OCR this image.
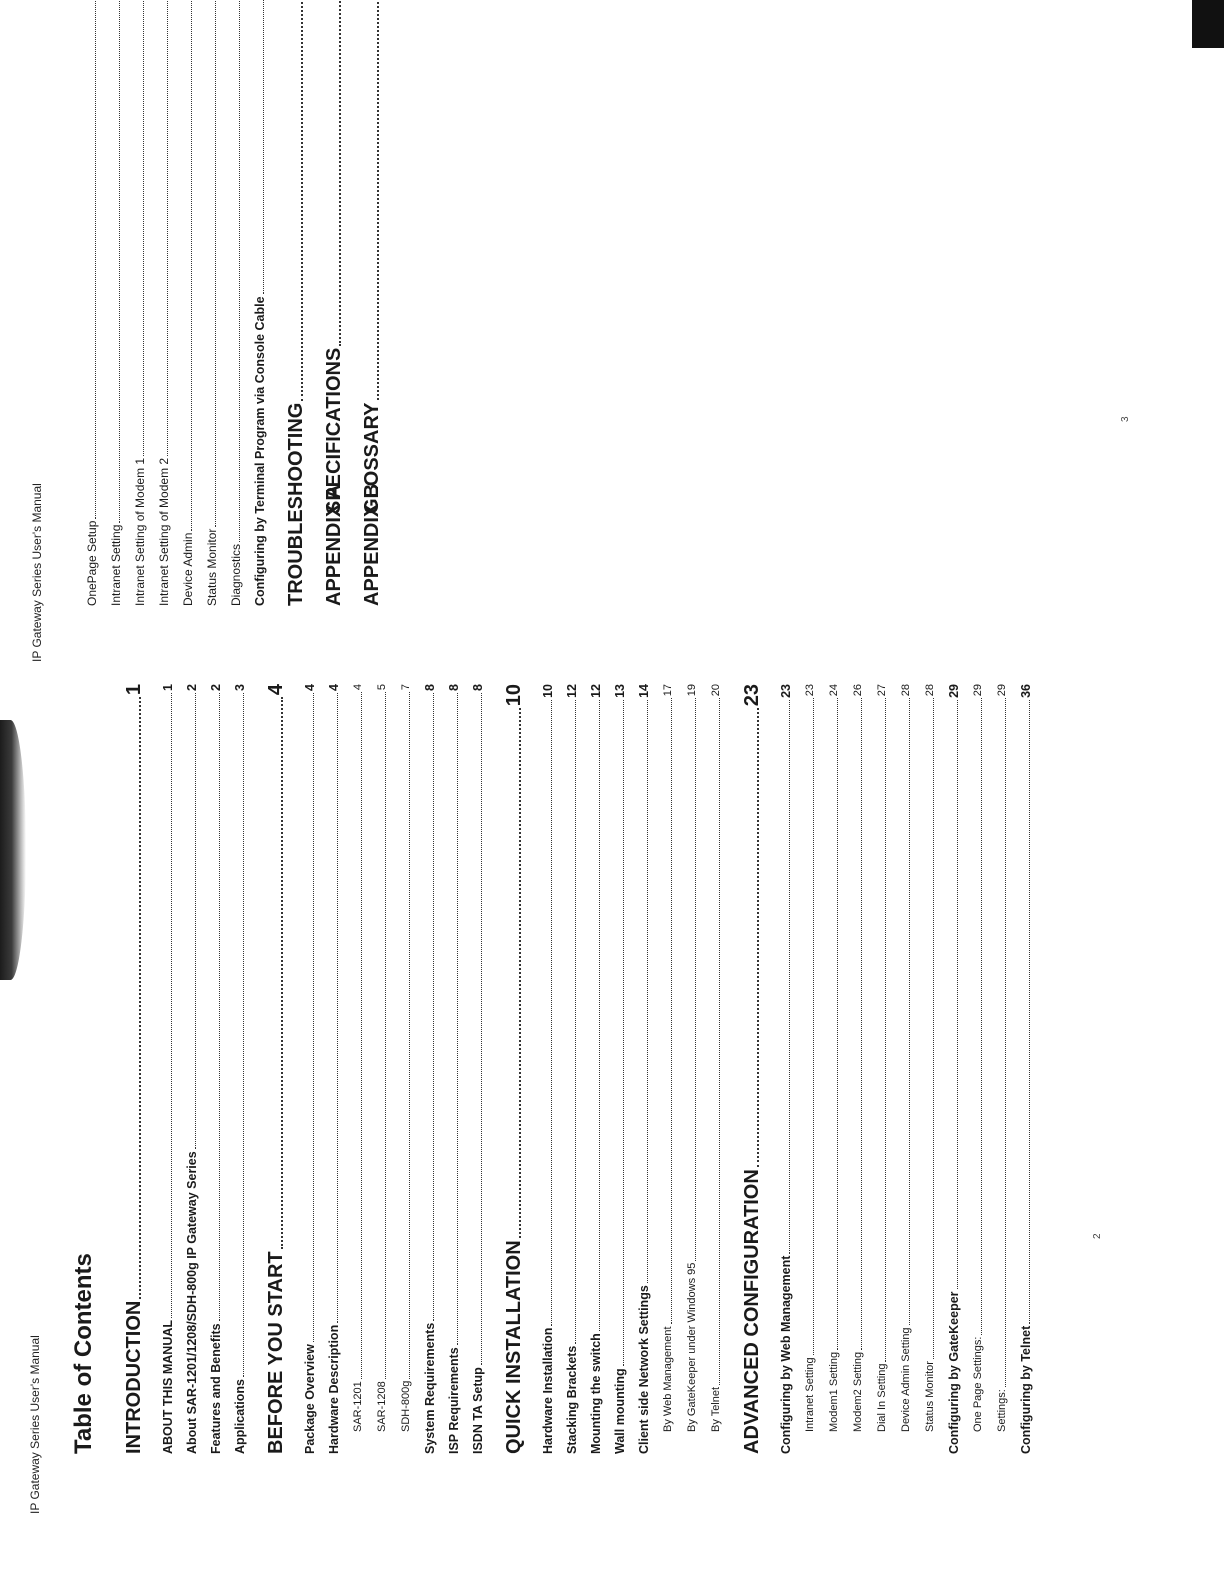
IP Gateway Series User's Manual Table of Contents INTRODUCTION
1
ABOUT THIS MANUAL
1
About SAR-1201/1208/SDH-800g IP Gateway Series
2
Features and Benefits
2
Applications
3
BEFORE YOU START
4
Package Overview
4
Hardware Description
4
SAR-1201
4
SAR-1208
5
SDH-800g
7
System Requirements
8
ISP Requirements
8
ISDN TA Setup
8
QUICK INSTALLATION
10
Hardware Installation
10
Stacking Brackets
12
Mounting the switch
12
Wall mounting
13
Client side Network Settings
14
By Web Management
17
By GateKeeper under Windows 95
19
By Telnet
20
ADVANCED CONFIGURATION
23
Configuring by Web Management
23
Intranet Setting
23
Modem1 Setting
24
Modem2 Setting
26
Dial In Setting
27
Device Admin Setting
28
Status Monitor
28
Configuring by GateKeeper
29
One Page Settings:
29
Settings:
29
Configuring by Telnet
36
2
IP Gateway Series User's Manual	OnePage Setup Intranet Setting Intranet Setting of Modem 1 Intranet Setting of Modem 2 Device Admin Status Monitor Diagnostics Configuring by Terminal Program via Console Cable TROUBLESHOOTING APPENDIX ASPECIFICATIONS
APPENDIX BGLOSSARY	3
